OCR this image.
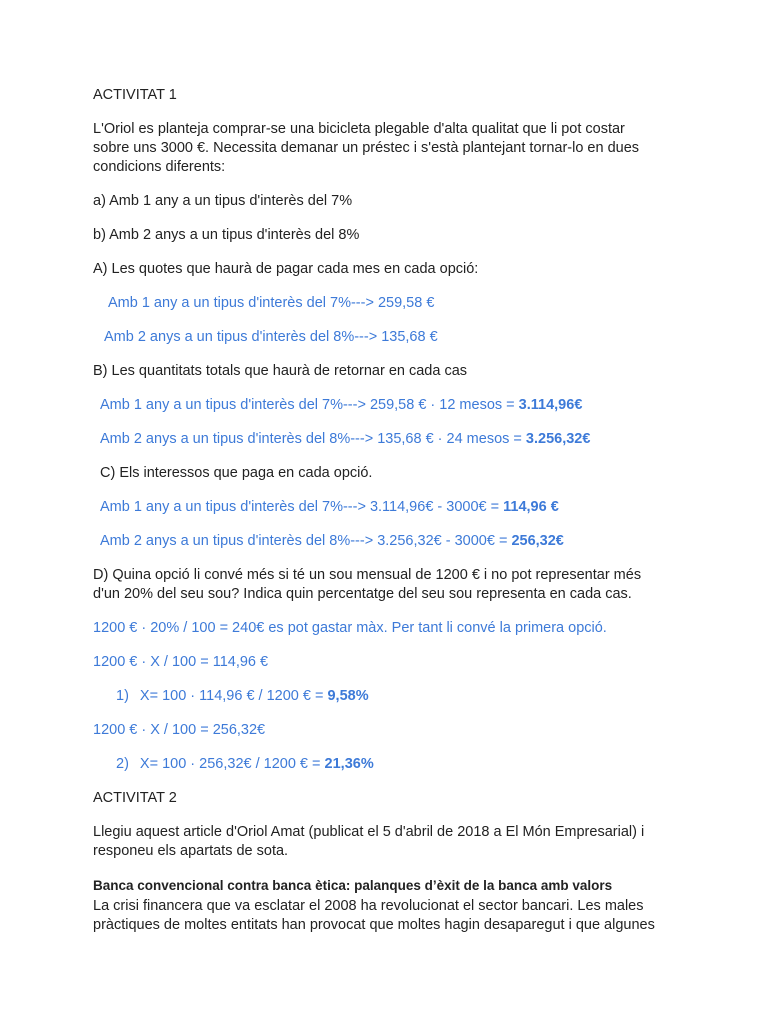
ACTIVITAT 1
L'Oriol es planteja comprar-se una bicicleta plegable d'alta qualitat que li pot costar
sobre uns 3000 €. Necessita demanar un préstec i s'està plantejant tornar-lo en dues
condicions diferents:
a) Amb 1 any a un tipus d'interès del 7%
b) Amb 2 anys a un tipus d'interès del 8%
A) Les quotes que haurà de pagar cada mes en cada opció:
Amb 1 any a un tipus d'interès del 7%---> 259,58 €
Amb 2 anys a un tipus d'interès del 8%---> 135,68 €
B) Les quantitats totals que haurà de retornar en cada cas
Amb 1 any a un tipus d'interès del 7%---> 259,58 € · 12 mesos = 3.114,96€
Amb 2 anys a un tipus d'interès del 8%---> 135,68 € · 24 mesos = 3.256,32€
C) Els interessos que paga en cada opció.
Amb 1 any a un tipus d'interès del 7%---> 3.114,96€ - 3000€ = 114,96 €
Amb 2 anys a un tipus d'interès del 8%---> 3.256,32€ - 3000€ = 256,32€
D) Quina opció li convé més si té un sou mensual de 1200 € i no pot representar més
d'un 20% del seu sou? Indica quin percentatge del seu sou representa en cada cas.
1200 € · 20% / 100 = 240€ es pot gastar màx. Per tant li convé la primera opció.
1200 € · X / 100 = 114,96 €
1) X= 100 · 114,96 € / 1200 € = 9,58%
1200 € · X / 100 = 256,32€
2) X= 100 · 256,32€ / 1200 € = 21,36%
ACTIVITAT 2
Llegiu aquest article d'Oriol Amat (publicat el 5 d'abril de 2018 a El Món Empresarial) i
responeu els apartats de sota.
Banca convencional contra banca ètica: palanques d’èxit de la banca amb valors
La crisi financera que va esclatar el 2008 ha revolucionat el sector bancari. Les males
pràctiques de moltes entitats han provocat que moltes hagin desaparegut i que algunes
